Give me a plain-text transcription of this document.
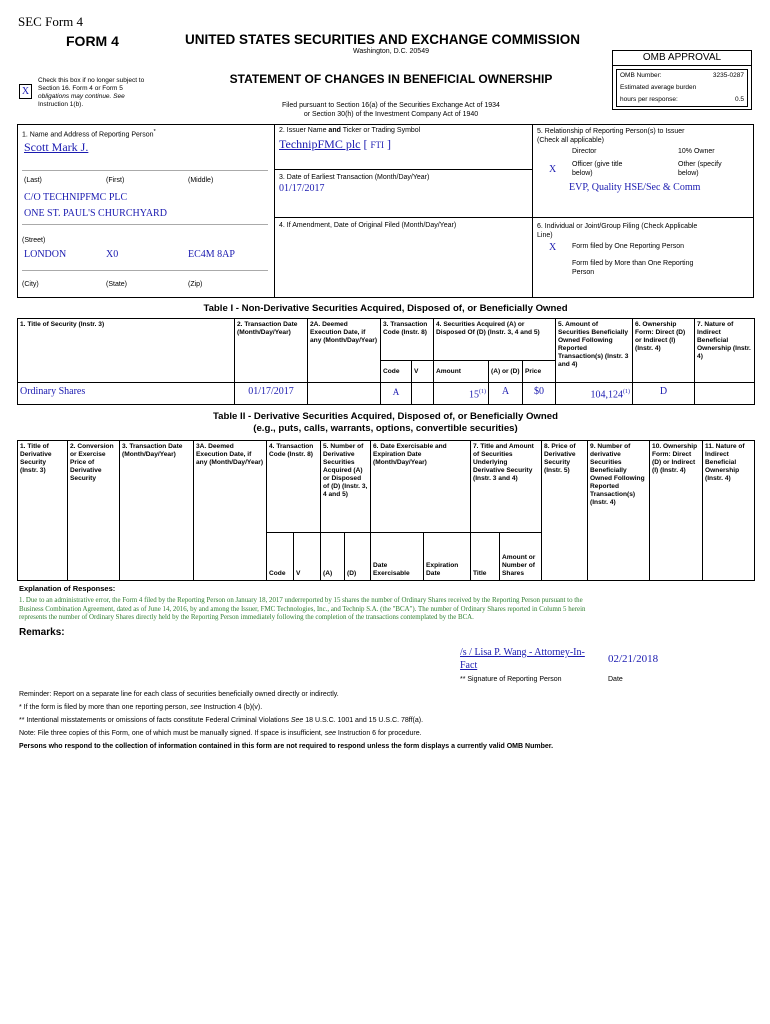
SEC Form 4
FORM 4	UNITED STATES SECURITIES AND EXCHANGE COMMISSION
Washington, D.C. 20549
X
Check this box if no longer subject to
Section 16. Form 4 or Form 5
obligations may continue. See
Instruction 1(b).
STATEMENT OF CHANGES IN BENEFICIAL OWNERSHIP
Filed pursuant to Section 16(a) of the Securities Exchange Act of 1934
or Section 30(h) of the Investment Company Act of 1940
OMB APPROVAL
OMB Number:	3235-0287
Estimated average burden
hours per response:	0.5
1. Name and Address of Reporting Person*
Scott Mark J.
(Last)	(First)	(Middle)
C/O TECHNIPFMC PLC
ONE ST. PAUL'S CHURCHYARD
(Street)
LONDON	X0	EC4M 8AP
(City)	(State)	(Zip)
2. Issuer Name and Ticker or Trading Symbol
TechnipFMC plc [ FTI ]
3. Date of Earliest Transaction (Month/Day/Year)
01/17/2017
4. If Amendment, Date of Original Filed (Month/Day/Year)
5. Relationship of Reporting Person(s) to Issuer
(Check all applicable)
Director	10% Owner
X Officer (give title
below)
Other (specify
below)
EVP, Quality HSE/Sec & Comm
6. Individual or Joint/Group Filing (Check Applicable
Line)
X Form filed by One Reporting Person
Form filed by More than One Reporting
Person
Table I - Non-Derivative Securities Acquired, Disposed of, or Beneficially Owned
1. Title of Security (Instr. 3)	2. Transaction Date (Month/Day/Year)	2A. Deemed Execution Date, if any (Month/Day/Year)	3. Transaction Code (Instr. 8)		4. Securities Acquired (A) or Disposed Of (D) (Instr. 3, 4 and 5)			5. Amount of Securities Beneficially Owned Following Reported Transaction(s) (Instr. 3 and 4)	6. Ownership Form: Direct (D) or Indirect (I) (Instr. 4)	7. Nature of Indirect Beneficial Ownership (Instr. 4)
			Code	V	Amount	(A) or (D)	Price			
Ordinary Shares	01/17/2017		A		15$^{(1)}$	A	$0	104,124$^{(1)}$	D	
Table II - Derivative Securities Acquired, Disposed of, or Beneficially Owned
(e.g., puts, calls, warrants, options, convertible securities)
1. Title of Derivative Security (Instr. 3)	2. Conversion or Exercise Price of Derivative Security	3. Transaction Date (Month/Day/Year)	3A. Deemed Execution Date, if any (Month/Day/Year)	4. Transaction Code (Instr. 8)		5. Number of Derivative Securities Acquired (A) or Disposed of (D) (Instr. 3, 4 and 5)		6. Date Exercisable and Expiration Date (Month/Day/Year)		7. Title and Amount of Securities Underlying Derivative Security (Instr. 3 and 4)		8. Price of Derivative Security (Instr. 5)	9. Number of derivative Securities Beneficially Owned Following Reported Transaction(s) (Instr. 4)	10. Ownership Form: Direct (D) or Indirect (I) (Instr. 4)	11. Nature of Indirect Beneficial Ownership (Instr. 4)
				Code	V	(A)	(D)	Date Exercisable	Expiration Date	Title	Amount or Number of Shares				
Explanation of Responses:
1. Due to an administrative error, the Form 4 filed by the Reporting Person on January 18, 2017 underreported by 15 shares the number of Ordinary Shares received by the Reporting Person pursuant to the
Business Combination Agreement, dated as of June 14, 2016, by and among the Issuer, FMC Technologies, Inc., and Technip S.A. (the "BCA"). The number of Ordinary Shares reported in Column 5 herein
represents the number of Ordinary Shares directly held by the Reporting Person immediately following the completion of the transactions contemplated by the BCA.
Remarks:
/s / Lisa P. Wang - Attorney-In-
Fact
02/21/2018
** Signature of Reporting Person	Date
Reminder: Report on a separate line for each class of securities beneficially owned directly or indirectly.
* If the form is filed by more than one reporting person, see Instruction 4 (b)(v).
** Intentional misstatements or omissions of facts constitute Federal Criminal Violations See 18 U.S.C. 1001 and 15 U.S.C. 78ff(a).
Note: File three copies of this Form, one of which must be manually signed. If space is insufficient, see Instruction 6 for procedure.
Persons who respond to the collection of information contained in this form are not required to respond unless the form displays a currently valid OMB Number.
